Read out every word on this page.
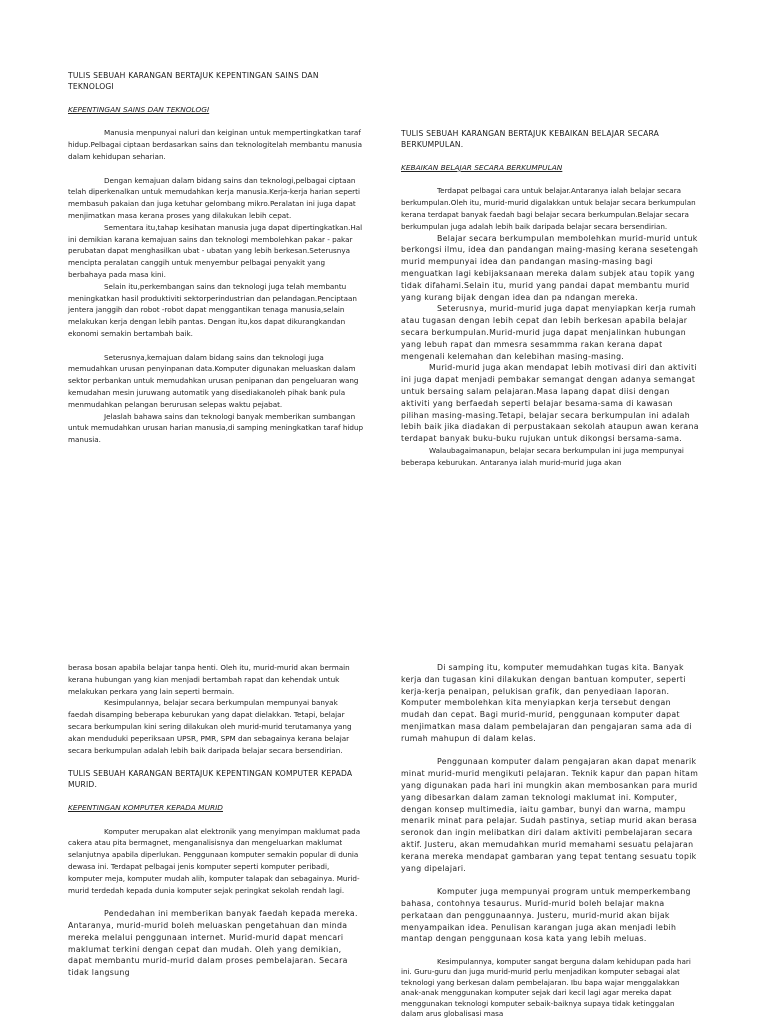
TULIS SEBUAH KARANGAN BERTAJUK KEPENTINGAN SAINS DAN TEKNOLOGI

KEPENTINGAN SAINS DAN TEKNOLOGI

Manusia menpunyai naluri dan keiginan untuk mempertingkatkan taraf hidup.Pelbagai ciptaan berdasarkan sains dan teknologitelah membantu manusia dalam kehidupan seharian.

Dengan kemajuan dalam bidang sains dan teknologi,pelbagai ciptaan telah diperkenalkan untuk memudahkan kerja manusia.Kerja-kerja harian seperti membasuh pakaian dan juga ketuhar gelombang mikro.Peralatan ini juga dapat menjimatkan masa kerana proses yang dilakukan lebih cepat.

Sementara itu,tahap kesihatan manusia juga dapat dipertingkatkan.Hal ini demikian karana kemajuan sains dan teknologi membolehkan pakar - pakar perubatan dapat menghasilkan ubat - ubatan yang lebih berkesan.Seterusnya mencipta peralatan canggih untuk menyembur pelbagai penyakit yang berbahaya pada masa kini.

Selain itu,perkembangan sains dan teknologi juga telah membantu meningkatkan hasil produktiviti sektorperindustrian dan pelandagan.Penciptaan jentera janggih dan robot -robot dapat menggantikan tenaga manusia,selain melakukan kerja dengan lebih pantas. Dengan itu,kos dapat dikurangkandan ekonomi semakin bertambah baik.

Seterusnya,kemajuan dalam bidang sains dan teknologi juga memudahkan urusan penyinpanan data.Komputer digunakan meluaskan dalam sektor perbankan untuk memudahkan urusan penipanan dan pengeluaran wang kemudahan mesin juruwang automatik yang disediakanoleh pihak bank pula menmudahkan pelangan berurusan selepas waktu pejabat.

Jelaslah bahawa sains dan teknologi banyak memberikan sumbangan untuk memudahkan urusan harian manusia,di samping meningkatkan taraf hidup manusia.

TULIS SEBUAH KARANGAN BERTAJUK KEBAIKAN BELAJAR SECARA BERKUMPULAN.

KEBAIKAN BELAJAR SECARA BERKUMPULAN

Terdapat pelbagai cara untuk belajar.Antaranya ialah belajar secara berkumpulan.Oleh itu, murid-murid digalakkan untuk belajar secara berkumpulan kerana terdapat banyak faedah bagi belajar secara berkumpulan.Belajar secara berkumpulan juga adalah lebih baik daripada belajar secara bersendirian.

Belajar secara berkumpulan membolehkan murid-murid untuk berkongsi ilmu, idea dan pandangan maing-masing kerana sesetengah murid mempunyai idea dan pandangan masing-masing bagi menguatkan lagi kebijaksanaan mereka dalam subjek atau topik yang tidak difahami.Selain itu, murid yang pandai dapat membantu murid yang kurang bijak dengan idea dan pa ndangan mereka.

Seterusnya, murid-murid juga dapat menyiapkan kerja rumah atau tugasan dengan lebih cepat dan lebih berkesan apabila belajar secara berkumpulan.Murid-murid juga dapat menjalinkan hubungan yang lebuh rapat dan mmesra sesammma rakan kerana dapat mengenali kelemahan dan kelebihan masing-masing.

Murid-murid juga akan mendapat lebih motivasi diri dan aktiviti ini juga dapat menjadi pembakar semangat dengan adanya semangat untuk bersaing salam pelajaran.Masa lapang dapat diisi dengan aktiviti yang berfaedah seperti belajar besama-sama di kawasan pilihan masing-masing.Tetapi, belajar secara berkumpulan ini adalah lebih baik jika diadakan di perpustakaan sekolah ataupun awan kerana terdapat banyak buku-buku rujukan untuk dikongsi bersama-sama.

Walaubagaimanapun, belajar secara berkumpulan ini juga mempunyai beberapa keburukan. Antaranya ialah murid-murid juga akan

berasa bosan apabila belajar tanpa henti. Oleh itu, murid-murid akan bermain kerana hubungan yang kian menjadi bertambah rapat dan kehendak untuk melakukan perkara yang lain seperti bermain.

Kesimpulannya, belajar secara berkumpulan mempunyai banyak faedah disamping beberapa keburukan yang dapat dielakkan. Tetapi, belajar secara berkumpulan kini sering dilakukan oleh murid-murid terutamanya yang akan menduduki peperiksaan UPSR, PMR, SPM dan sebagainya kerana belajar secara berkumpulan adalah lebih baik daripada belajar secara bersendirian.

TULIS SEBUAH KARANGAN BERTAJUK KEPENTINGAN KOMPUTER KEPADA MURID.

KEPENTINGAN KOMPUTER KEPADA MURID

Komputer merupakan alat elektronik yang menyimpan maklumat pada cakera atau pita bermagnet, menganalisisnya dan mengeluarkan maklumat selanjutnya apabila diperlukan. Penggunaan komputer semakin popular di dunia dewasa ini. Terdapat pelbagai jenis komputer seperti komputer peribadi, komputer meja, komputer mudah alih, komputer talapak dan sebagainya. Murid-murid terdedah kepada dunia komputer sejak peringkat sekolah rendah lagi.

Pendedahan ini memberikan banyak faedah kepada mereka. Antaranya, murid-murid boleh meluaskan pengetahuan dan minda mereka melalui penggunaan internet. Murid-murid dapat mencari maklumat terkini dengan cepat dan mudah. Oleh yang demikian, dapat membantu murid-murid dalam proses pembelajaran. Secara tidak langsung

Di samping itu, komputer memudahkan tugas kita. Banyak kerja dan tugasan kini dilakukan dengan bantuan komputer, seperti kerja-kerja penaipan, pelukisan grafik, dan penyediaan laporan. Komputer membolehkan kita menyiapkan kerja tersebut dengan mudah dan cepat. Bagi murid-murid, penggunaan komputer dapat menjimatkan masa dalam pembelajaran dan pengajaran sama ada di rumah mahupun di dalam kelas.

Penggunaan komputer dalam pengajaran akan dapat menarik minat murid-murid mengikuti pelajaran. Teknik kapur dan papan hitam yang digunakan pada hari ini mungkin akan membosankan para murid yang dibesarkan dalam zaman teknologi maklumat ini. Komputer, dengan konsep multimedia, iaitu gambar, bunyi dan warna, mampu menarik minat para pelajar. Sudah pastinya, setiap murid akan berasa seronok dan ingin melibatkan diri dalam aktiviti pembelajaran secara aktif. Justeru, akan memudahkan murid memahami sesuatu pelajaran kerana mereka mendapat gambaran yang tepat tentang sesuatu topik yang dipelajari.

Komputer juga mempunyai program untuk memperkembang bahasa, contohnya tesaurus. Murid-murid boleh belajar makna perkataan dan penggunaannya. Justeru, murid-murid akan bijak menyampaikan idea. Penulisan karangan juga akan menjadi lebih mantap dengan penggunaan kosa kata yang lebih meluas.

Kesimpulannya, komputer sangat berguna dalam kehidupan pada hari ini. Guru-guru dan juga murid-murid perlu menjadikan komputer sebagai alat teknologi yang berkesan dalam pembelajaran. Ibu bapa wajar menggalakkan anak-anak menggunakan komputer sejak dari kecil lagi agar mereka dapat menggunakan teknologi komputer sebaik-baiknya supaya tidak ketinggalan dalam arus globalisasi masa
